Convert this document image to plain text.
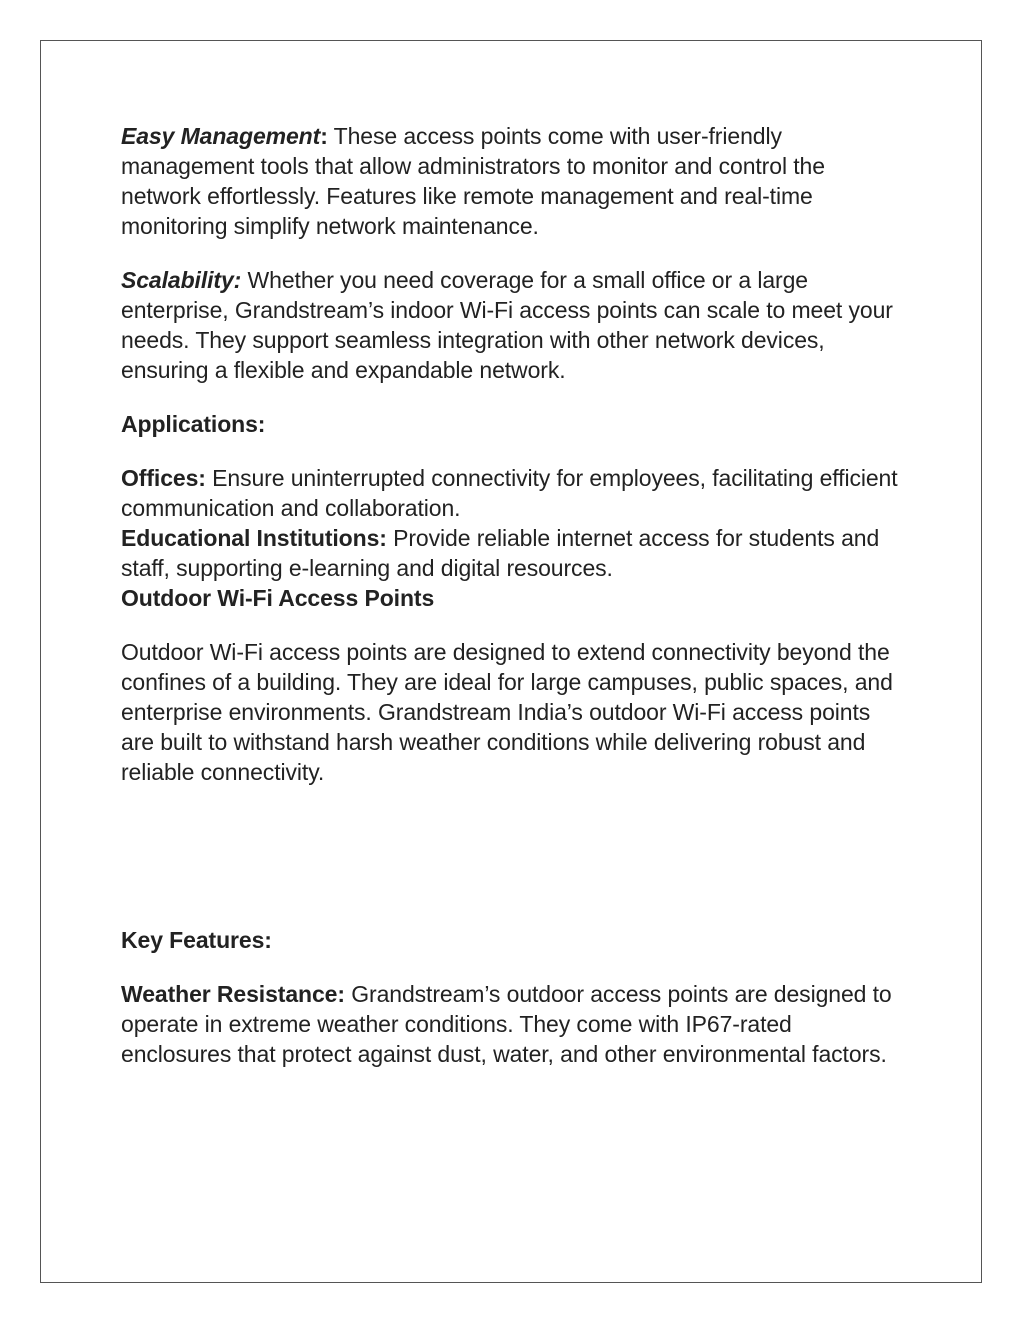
Easy Management: These access points come with user-friendly management tools that allow administrators to monitor and control the network effortlessly. Features like remote management and real-time monitoring simplify network maintenance.

Scalability: Whether you need coverage for a small office or a large enterprise, Grandstream’s indoor Wi-Fi access points can scale to meet your needs. They support seamless integration with other network devices, ensuring a flexible and expandable network.

Applications:

Offices: Ensure uninterrupted connectivity for employees, facilitating efficient communication and collaboration.

Educational Institutions: Provide reliable internet access for students and staff, supporting e-learning and digital resources.

Outdoor Wi-Fi Access Points

Outdoor Wi-Fi access points are designed to extend connectivity beyond the confines of a building. They are ideal for large campuses, public spaces, and enterprise environments. Grandstream India’s outdoor Wi-Fi access points are built to withstand harsh weather conditions while delivering robust and reliable connectivity.

Key Features:

Weather Resistance: Grandstream’s outdoor access points are designed to operate in extreme weather conditions. They come with IP67-rated enclosures that protect against dust, water, and other environmental factors.
